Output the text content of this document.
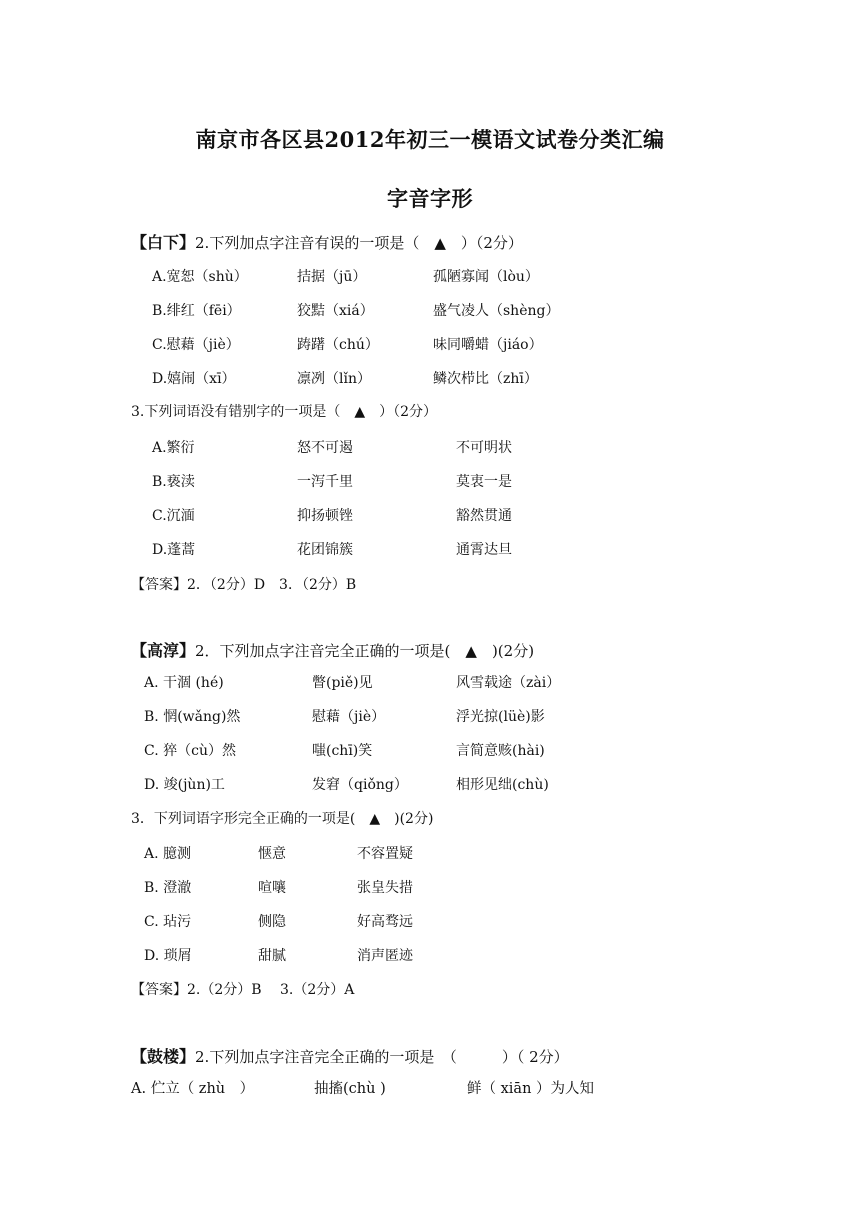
南京市各区县2012年初三一模语文试卷分类汇编
字音字形
【白下】2.下列加点字注音有误的一项是（　▲　）（2分）
A.宽恕（shù）	拮据（jū）	孤陋寡闻（lòu）
B.绯红（fēi）	狡黠（xiá）	盛气凌人（shèng）
C.慰藉（jiè）	踌躇（chú）	味同嚼蜡（jiáo）
D.嬉闹（xī）	凛冽（lǐn）	鳞次栉比（zhī）
3.下列词语没有错别字的一项是（　▲　）（2分）
A.繁衍	怒不可遏	不可明状
B.亵渎	一泻千里	莫衷一是
C.沉湎	抑扬顿锉	豁然贯通
D.蓬蒿	花团锦簇	通霄达旦
【答案】2．（2分）D　3．（2分）B
【高淳】2．下列加点字注音完全正确的一项是(　▲　)(2分)
A. 干涸 (hé)	瞥(piě)见	风雪载途（zài）
B. 惘(wǎng)然	慰藉（jiè）	浮光掠(lüè)影
C. 猝（cù）然	嗤(chī)笑	言简意赅(hài)
D. 竣(jùn)工	发窘（qiǒng）	相形见绌(chù)
3．下列词语字形完全正确的一项是(　▲　)(2分)
A. 臆测	惬意	不容置疑
B. 澄澈	喧嚷	张皇失措
C. 玷污	侧隐	好高骛远
D. 琐屑	甜腻	消声匿迹
【答案】2.（2分）B　 3.（2分）A
【鼓楼】2.下列加点字注音完全正确的一项是　（　　　）（ 2分）
A. 伫立（ zhù　）	抽搐(chù )	鲜（ xiān ）为人知
